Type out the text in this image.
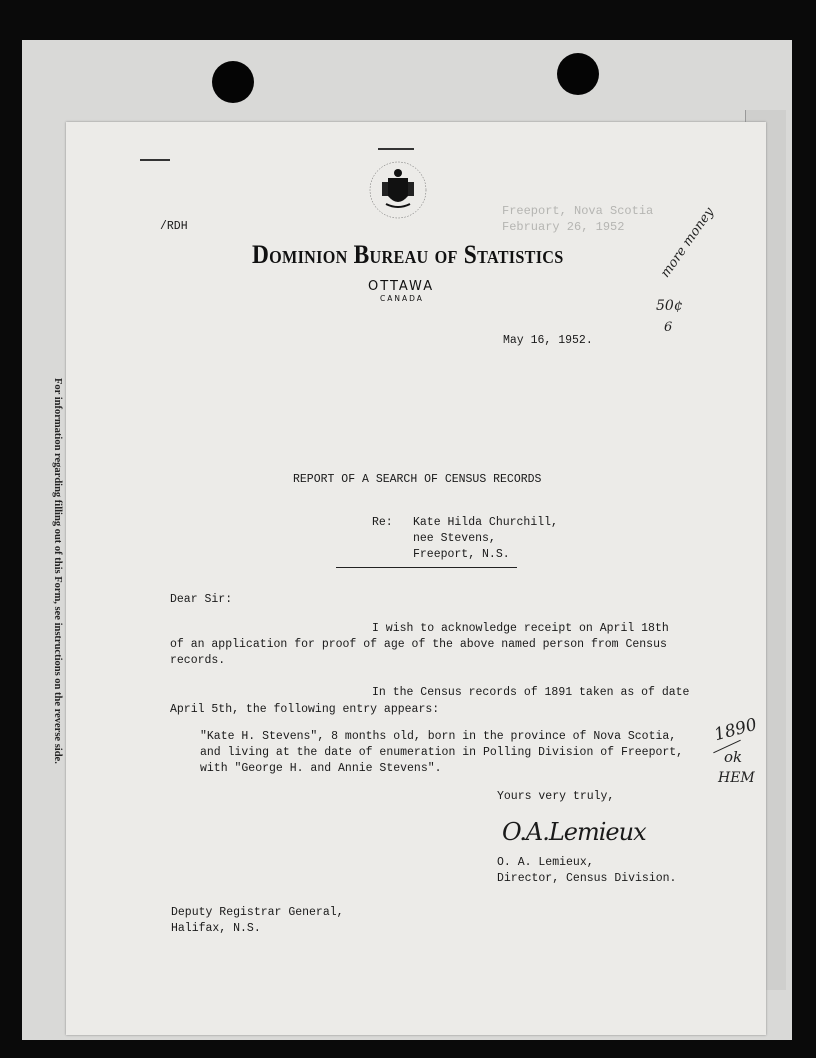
For information regarding filling out of this Form, see instructions on the reverse side.
Freeport, Nova Scotia
February 26, 1952
Dominion Bureau of Statistics
OTTAWA
CANADA
/RDH
May 16, 1952.
more money
50¢
6
REPORT OF A SEARCH OF CENSUS RECORDS
Re: Kate Hilda Churchill,
nee Stevens,
Freeport, N.S.
Dear Sir:
I wish to acknowledge receipt on April 18th
of an application for proof of age of the above named person from Census
records.
In the Census records of 1891 taken as of date
April 5th, the following entry appears:
"Kate H. Stevens", 8 months old, born in the province of Nova Scotia,
and living at the date of enumeration in Polling Division of Freeport,
with "George H. and Annie Stevens".
1890
ok
HEM
Yours very truly,
O.A.Lemieux
O. A. Lemieux,
Director, Census Division.
Deputy Registrar General,
Halifax, N.S.
